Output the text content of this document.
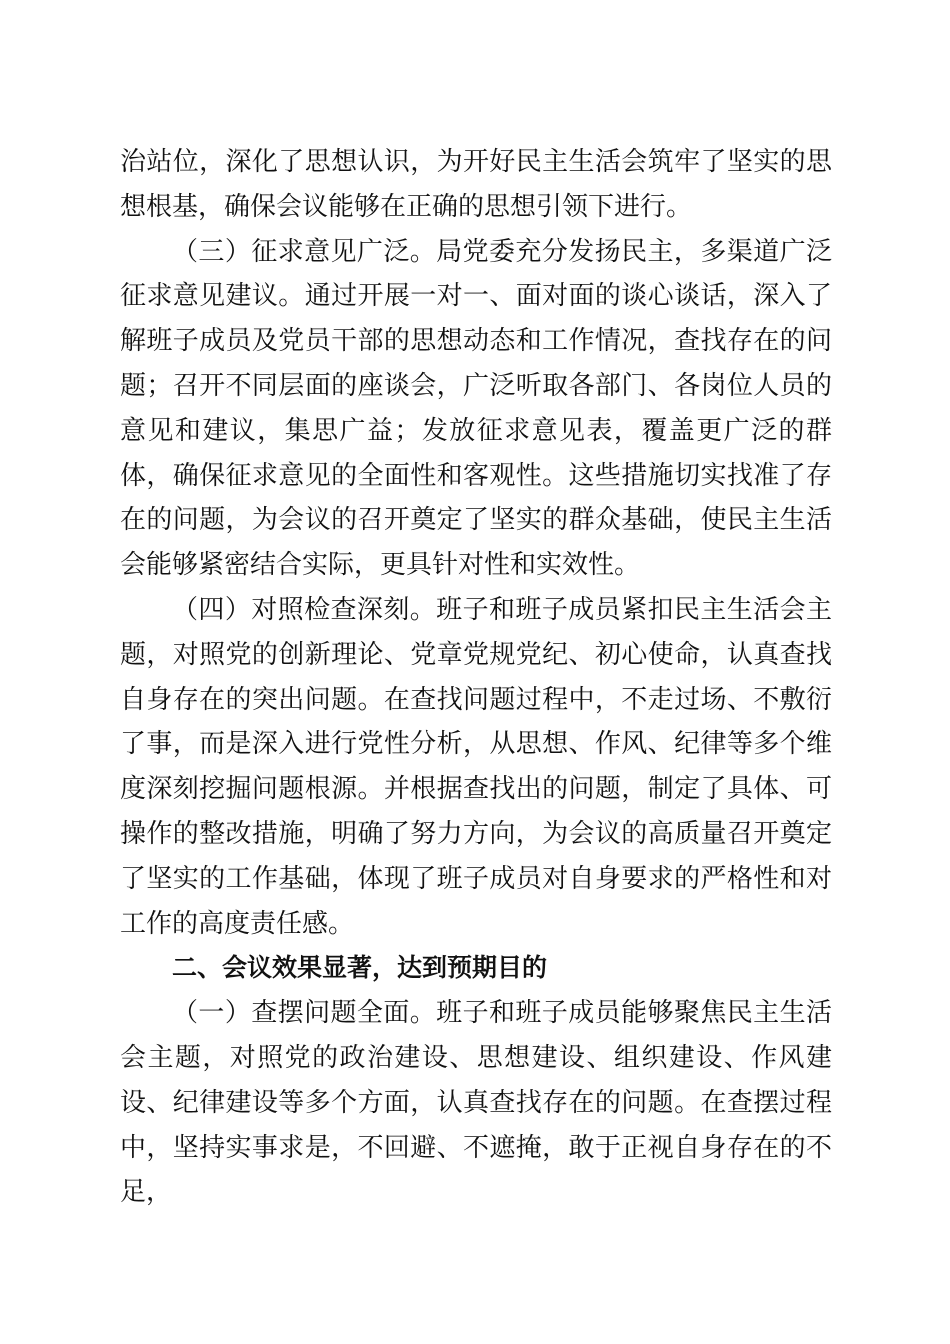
治站位，深化了思想认识，为开好民主生活会筑牢了坚实的思想根基，确保会议能够在正确的思想引领下进行。

（三）征求意见广泛。局党委充分发扬民主，多渠道广泛征求意见建议。通过开展一对一、面对面的谈心谈话，深入了解班子成员及党员干部的思想动态和工作情况，查找存在的问题；召开不同层面的座谈会，广泛听取各部门、各岗位人员的意见和建议，集思广益；发放征求意见表，覆盖更广泛的群体，确保征求意见的全面性和客观性。这些措施切实找准了存在的问题，为会议的召开奠定了坚实的群众基础，使民主生活会能够紧密结合实际，更具针对性和实效性。

（四）对照检查深刻。班子和班子成员紧扣民主生活会主题，对照党的创新理论、党章党规党纪、初心使命，认真查找自身存在的突出问题。在查找问题过程中，不走过场、不敷衍了事，而是深入进行党性分析，从思想、作风、纪律等多个维度深刻挖掘问题根源。并根据查找出的问题，制定了具体、可操作的整改措施，明确了努力方向，为会议的高质量召开奠定了坚实的工作基础，体现了班子成员对自身要求的严格性和对工作的高度责任感。

二、会议效果显著，达到预期目的

（一）查摆问题全面。班子和班子成员能够聚焦民主生活会主题，对照党的政治建设、思想建设、组织建设、作风建设、纪律建设等多个方面，认真查找存在的问题。在查摆过程中，坚持实事求是，不回避、不遮掩，敢于正视自身存在的不足，
